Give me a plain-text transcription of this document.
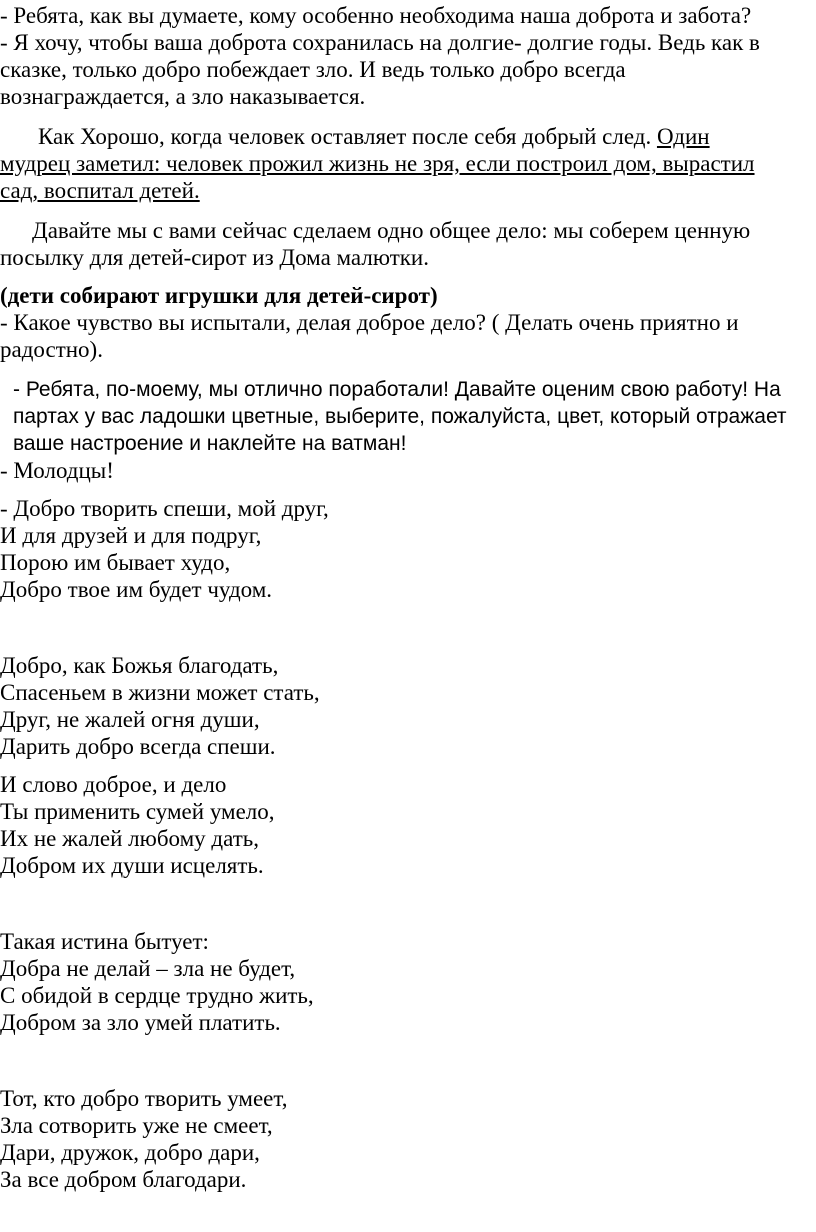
- Ребята, как вы думаете, кому особенно необходима наша доброта и забота?
- Я хочу, чтобы ваша доброта сохранилась на долгие- долгие годы. Ведь как в
сказке, только добро побеждает зло. И ведь только добро всегда
вознаграждается, а зло наказывается.
Как Хорошо, когда человек оставляет после себя добрый след. Один
мудрец заметил: человек прожил жизнь не зря, если построил дом, вырастил
сад, воспитал детей.
Давайте мы с вами сейчас сделаем одно общее дело: мы соберем ценную
посылку для детей-сирот из Дома малютки.
(дети собирают игрушки для детей-сирот)
- Какое чувство вы испытали, делая доброе дело? ( Делать очень приятно и
радостно).
- Ребята, по-моему, мы отлично поработали! Давайте оценим свою работу! На
партах у вас ладошки цветные, выберите, пожалуйста, цвет, который отражает
ваше настроение и наклейте на ватман!
- Молодцы!
- Добро творить спеши, мой друг,
И для друзей и для подруг,
Порою им бывает худо,
Добро твое им будет чудом.
Добро, как Божья благодать,
Спасеньем в жизни может стать,
Друг, не жалей огня души,
Дарить добро всегда спеши.
И слово доброе, и дело
Ты применить сумей умело,
Их не жалей любому дать,
Добром их души исцелять.
Такая истина бытует:
Добра не делай – зла не будет,
С обидой в сердце трудно жить,
Добром за зло умей платить.
Тот, кто добро творить умеет,
Зла сотворить уже не смеет,
Дари, дружок, добро дари,
За все добром благодари.
